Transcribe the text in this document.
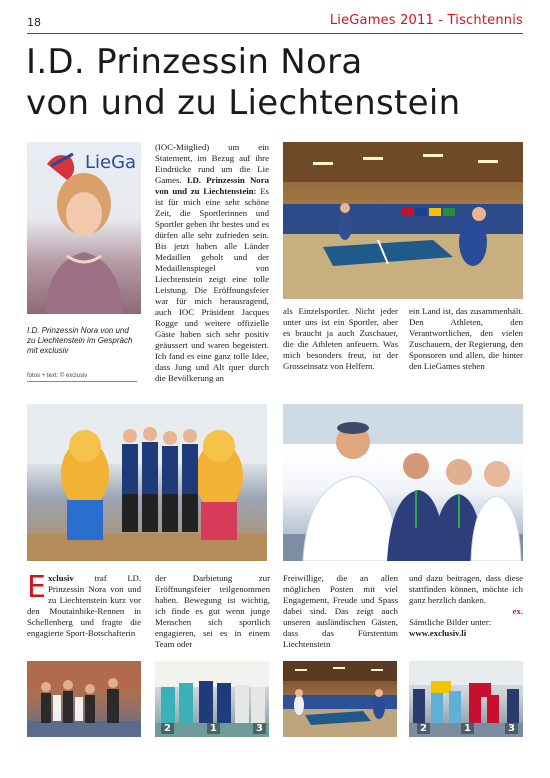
18	LieGames 2011 - Tischtennis
I.D. Prinzessin Nora
von und zu Liechtenstein
LieGa
I.D. Prinzessin Nora von und zu Liechtenstein im Gespräch mit exclusiv
fotos + text: © exclusiv

(IOC-Mitglied) um ein Statement, im Bezug auf ihre Eindrücke rund um die Lie Games. I.D. Prinzessin Nora von und zu Liechtenstein: Es ist für mich eine sehr schöne Zeit, die Sportlerinnen und Sportler geben ihr bestes und es dürfen alle sehr zufrieden sein. Bis jetzt haben alle Länder Medaillen geholt und der Medaillenspiegel von Liechtenstein zeigt eine tolle Leistung. Die Eröffnungsfeier war für mich herausragend, auch IOC Präsident Jacques Rogge und weitere offizielle Gäste haben sich sehr positiv geäussert und waren begeistert. Ich fand es eine ganz tolle Idee, dass Jung und Alt quer durch die Bevölkerung an

als Einzelsportler. Nicht jeder unter uns ist ein Sportler, aber es braucht ja auch Zuschauer, die die Athleten anfeuern. Was mich besonders freut, ist der Grosseinsatz von Helfern.

ein Land ist, das zusammenhält. Den Athleten, den Verantwortlichen, den vielen Zuschauern, der Regierung, den Sponsoren und allen, die hinter den LieGames stehen

E xclusiv traf I.D. Prinzessin Nora von und zu Liechtenstein kurz vor den Moutainbike-Rennen in Schellenberg und fragte die engagierte Sport-Botschafterin

der Darbietung zur Eröffnungsfeier teilgenommen haben. Bewegung ist wichtig, ich finde es gut wenn junge Menschen sich sportlich engagieren, sei es in einem Team oder

Freiwillige, die an allen möglichen Posten mit viel Engagement, Freude und Spass dabei sind. Das zeigt auch unseren ausländischen Gästen, dass das Fürstentum Liechtenstein

und dazu beitragen, dass diese stattfinden können, möchte ich ganz herzlich danken.
ex.

Sämtliche Bilder unter:

www.exclusiv.li

2	1	3	2	1	3
